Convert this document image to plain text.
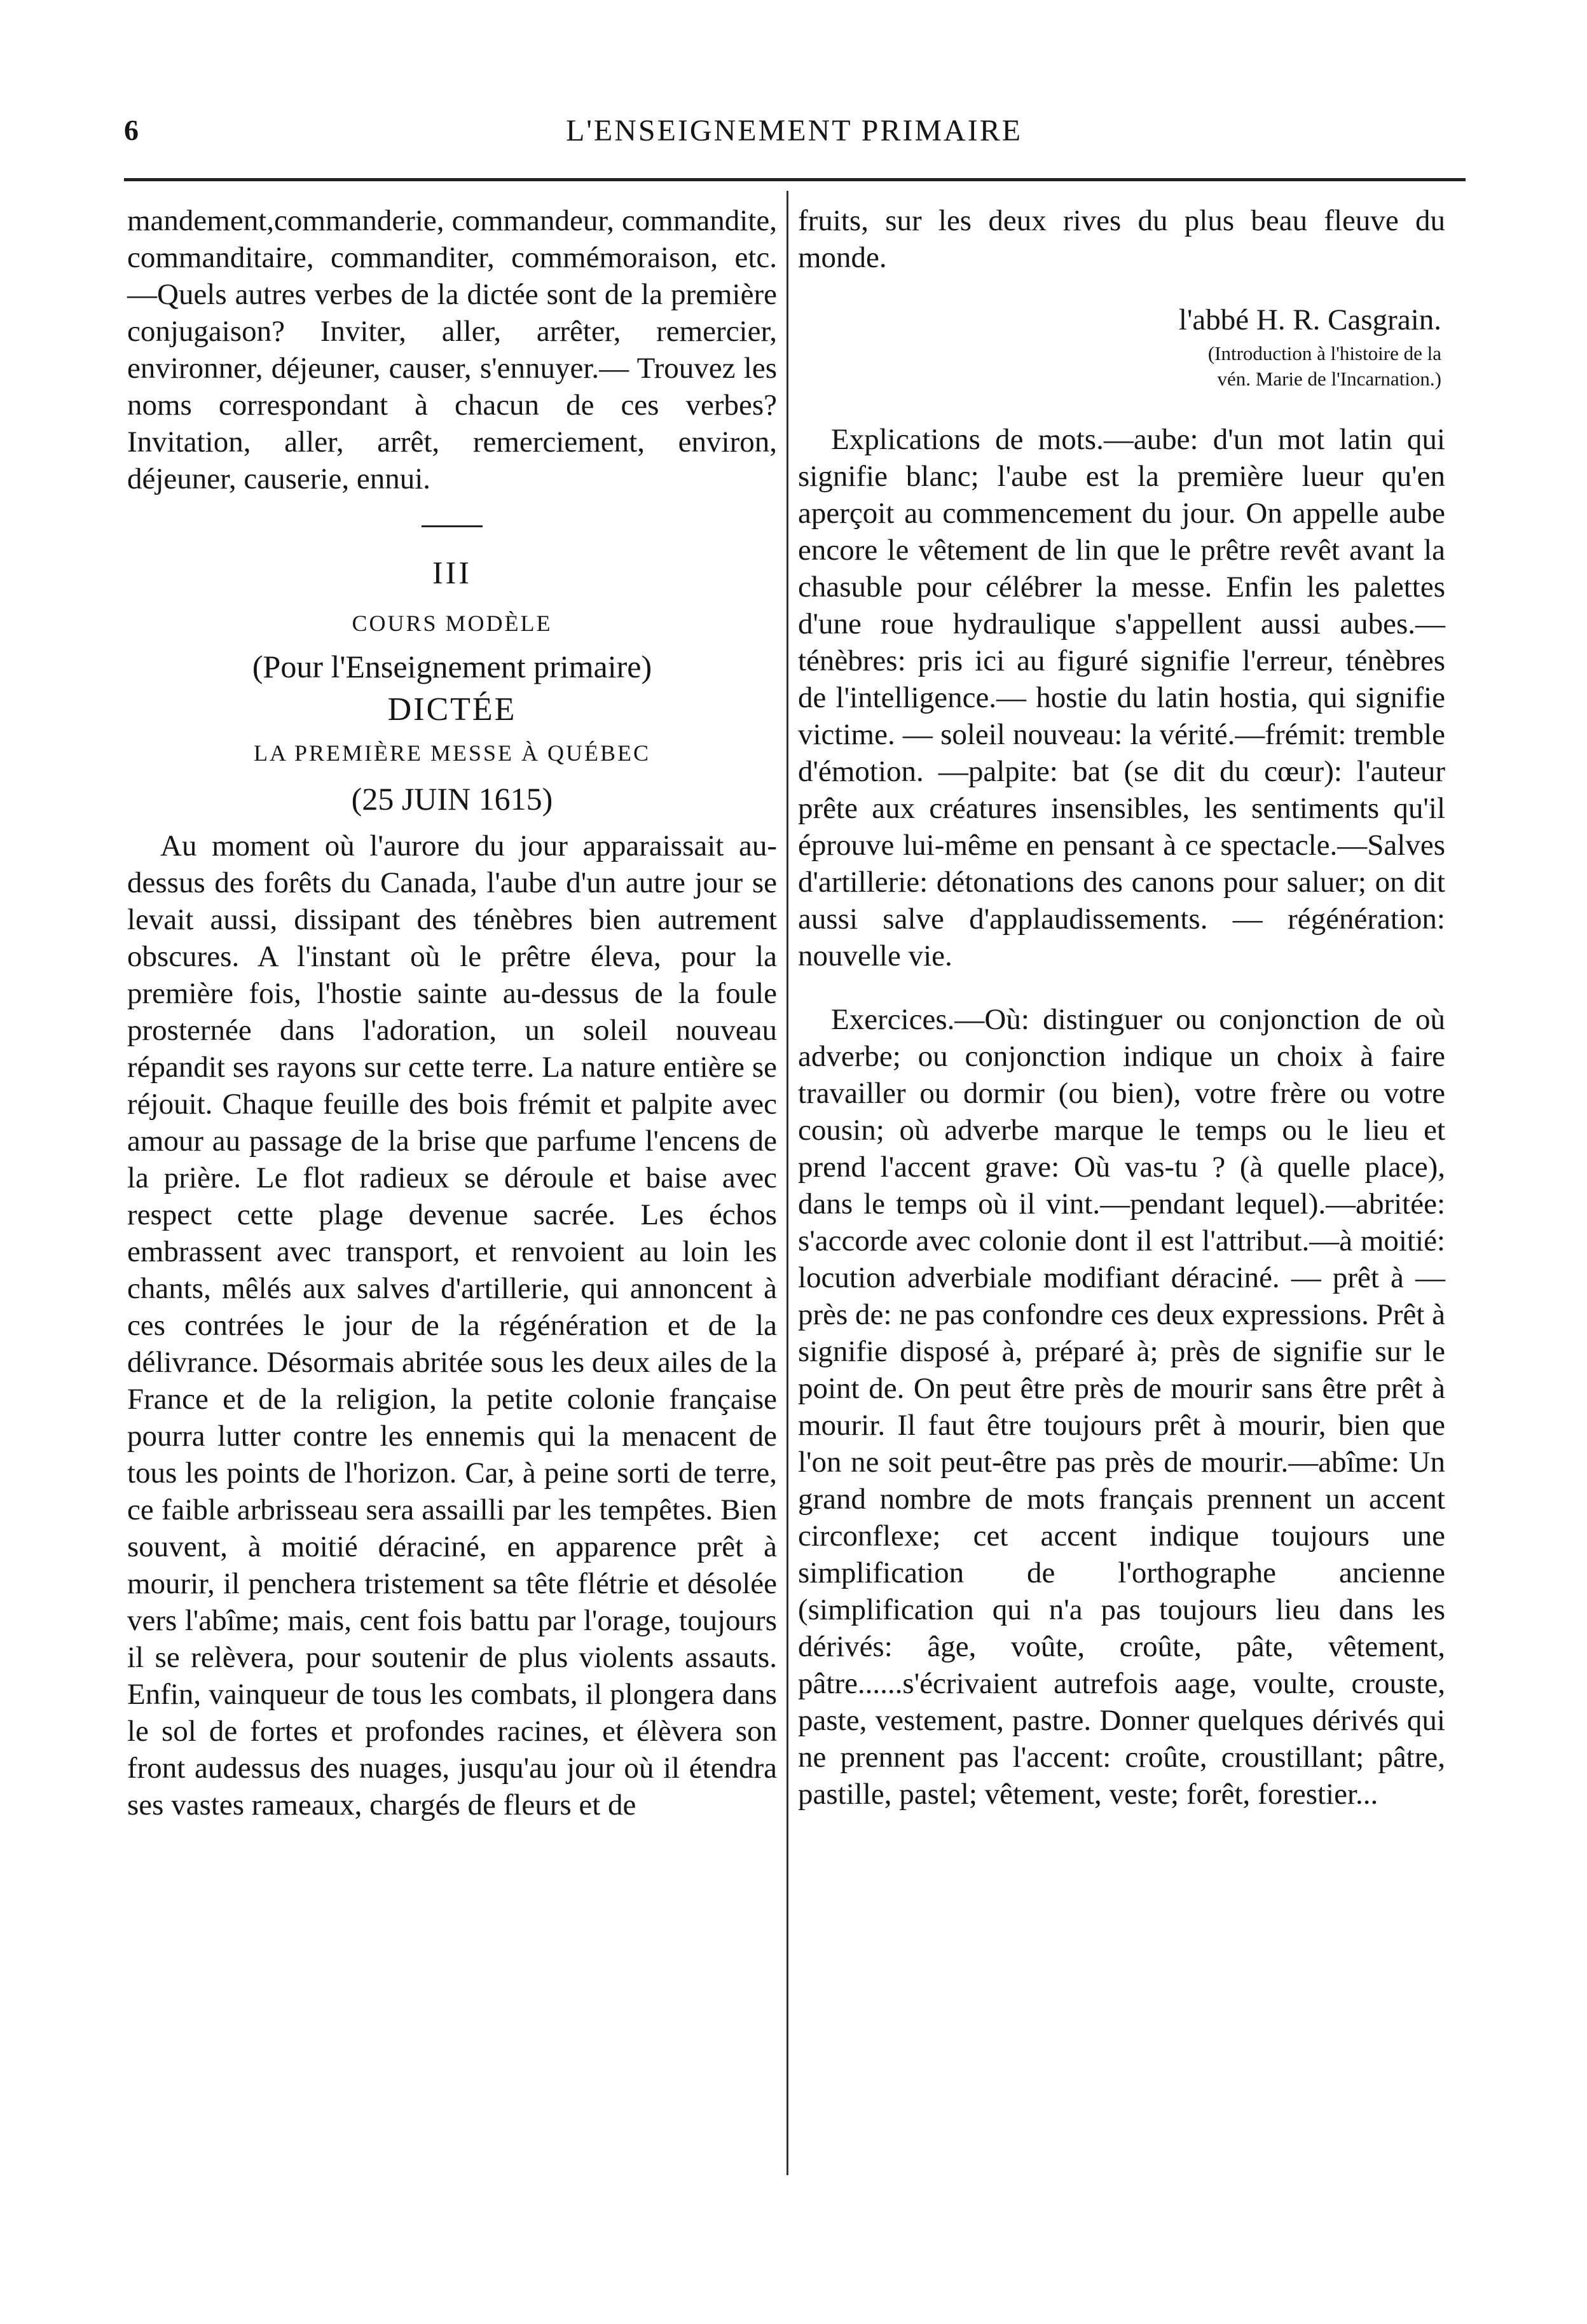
6	L'ENSEIGNEMENT PRIMAIRE

mandement,commanderie, commandeur, commandite, commanditaire, commanditer, commémoraison, etc.—Quels autres verbes de la dictée sont de la première conjugaison? Inviter, aller, arrêter, remercier, environner, déjeuner, causer, s'ennuyer.— Trouvez les noms correspondant à chacun de ces verbes? Invitation, aller, arrêt, remerciement, environ, déjeuner, causerie, ennui.

III

COURS MODÈLE

(Pour l'Enseignement primaire)

DICTÉE

LA PREMIÈRE MESSE À QUÉBEC

(25 JUIN 1615)

Au moment où l'aurore du jour apparaissait au-dessus des forêts du Canada, l'aube d'un autre jour se levait aussi, dissipant des ténèbres bien autrement obscures. A l'instant où le prêtre éleva, pour la première fois, l'hostie sainte au-dessus de la foule prosternée dans l'adoration, un soleil nouveau répandit ses rayons sur cette terre. La nature entière se réjouit. Chaque feuille des bois frémit et palpite avec amour au passage de la brise que parfume l'encens de la prière. Le flot radieux se déroule et baise avec respect cette plage devenue sacrée. Les échos embrassent avec transport, et renvoient au loin les chants, mêlés aux salves d'artillerie, qui annoncent à ces contrées le jour de la régénération et de la délivrance. Désormais abritée sous les deux ailes de la France et de la religion, la petite colonie française pourra lutter contre les ennemis qui la menacent de tous les points de l'horizon. Car, à peine sorti de terre, ce faible arbrisseau sera assailli par les tempêtes. Bien souvent, à moitié déraciné, en apparence prêt à mourir, il penchera tristement sa tête flétrie et désolée vers l'abîme; mais, cent fois battu par l'orage, toujours il se relèvera, pour soutenir de plus violents assauts. Enfin, vainqueur de tous les combats, il plongera dans le sol de fortes et profondes racines, et élèvera son front audessus des nuages, jusqu'au jour où il étendra ses vastes rameaux, chargés de fleurs et de

fruits, sur les deux rives du plus beau fleuve du monde.

l'abbé H. R. Casgrain.

(Introduction à l'histoire de la
vén. Marie de l'Incarnation.)

Explications de mots.—aube: d'un mot latin qui signifie blanc; l'aube est la première lueur qu'en aperçoit au commencement du jour. On appelle aube encore le vêtement de lin que le prêtre revêt avant la chasuble pour célébrer la messe. Enfin les palettes d'une roue hydraulique s'appellent aussi aubes.— ténèbres: pris ici au figuré signifie l'erreur, ténèbres de l'intelligence.— hostie du latin hostia, qui signifie victime. — soleil nouveau: la vérité.—frémit: tremble d'émotion. —palpite: bat (se dit du cœur): l'auteur prête aux créatures insensibles, les sentiments qu'il éprouve lui-même en pensant à ce spectacle.—Salves d'artillerie: détonations des canons pour saluer; on dit aussi salve d'applaudissements. — régénération: nouvelle vie.

Exercices.—Où: distinguer ou conjonction de où adverbe; ou conjonction indique un choix à faire travailler ou dormir (ou bien), votre frère ou votre cousin; où adverbe marque le temps ou le lieu et prend l'accent grave: Où vas-tu ? (à quelle place), dans le temps où il vint.—pendant lequel).—abritée: s'accorde avec colonie dont il est l'attribut.—à moitié: locution adverbiale modifiant déraciné. — prêt à — près de: ne pas confondre ces deux expressions. Prêt à signifie disposé à, préparé à; près de signifie sur le point de. On peut être près de mourir sans être prêt à mourir. Il faut être toujours prêt à mourir, bien que l'on ne soit peut-être pas près de mourir.—abîme: Un grand nombre de mots français prennent un accent circonflexe; cet accent indique toujours une simplification de l'orthographe ancienne (simplification qui n'a pas toujours lieu dans les dérivés: âge, voûte, croûte, pâte, vêtement, pâtre......s'écrivaient autrefois aage, voulte, crouste, paste, vestement, pastre. Donner quelques dérivés qui ne prennent pas l'accent: croûte, croustillant; pâtre, pastille, pastel; vêtement, veste; forêt, forestier...
